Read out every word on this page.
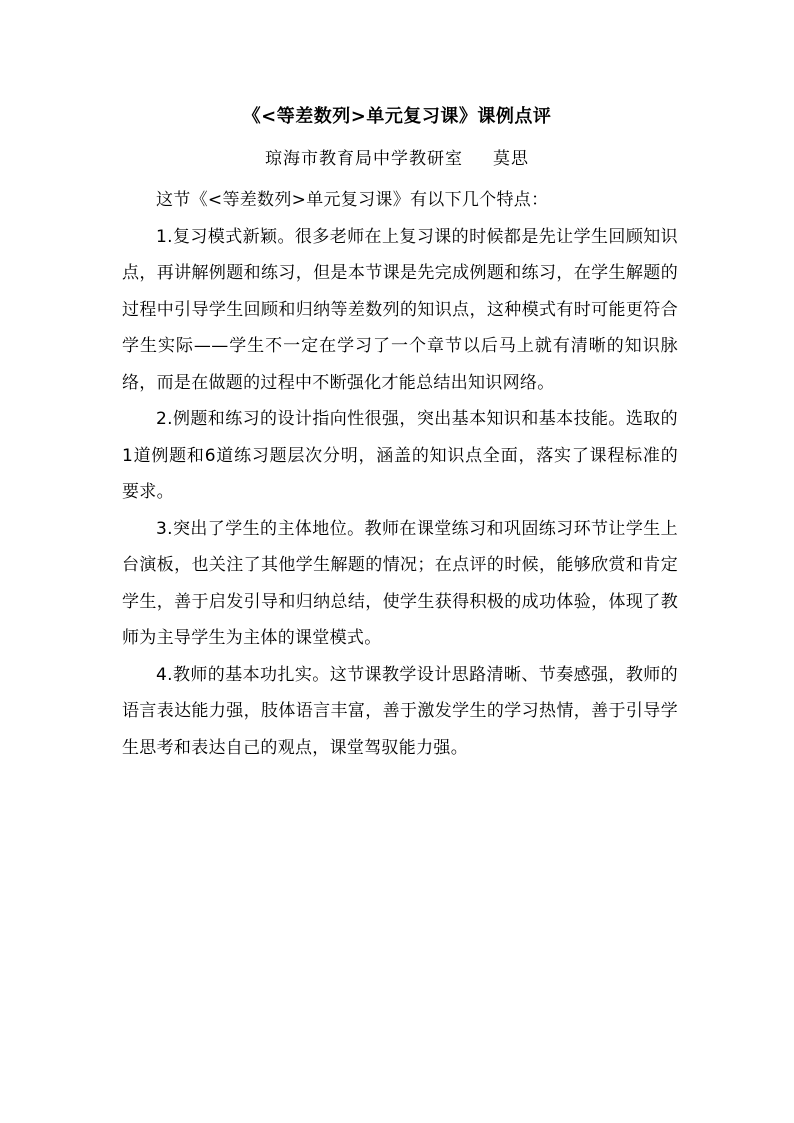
《<等差数列>单元复习课》课例点评
琼海市教育局中学教研室 莫思

这节《<等差数列>单元复习课》有以下几个特点：

1.复习模式新颖。很多老师在上复习课的时候都是先让学生回顾知识点，再讲解例题和练习，但是本节课是先完成例题和练习，在学生解题的过程中引导学生回顾和归纳等差数列的知识点，这种模式有时可能更符合学生实际——学生不一定在学习了一个章节以后马上就有清晰的知识脉络，而是在做题的过程中不断强化才能总结出知识网络。

2.例题和练习的设计指向性很强，突出基本知识和基本技能。选取的1道例题和6道练习题层次分明，涵盖的知识点全面，落实了课程标准的要求。

3.突出了学生的主体地位。教师在课堂练习和巩固练习环节让学生上台演板，也关注了其他学生解题的情况；在点评的时候，能够欣赏和肯定学生，善于启发引导和归纳总结，使学生获得积极的成功体验，体现了教师为主导学生为主体的课堂模式。

4.教师的基本功扎实。这节课教学设计思路清晰、节奏感强，教师的语言表达能力强，肢体语言丰富，善于激发学生的学习热情，善于引导学生思考和表达自己的观点，课堂驾驭能力强。
